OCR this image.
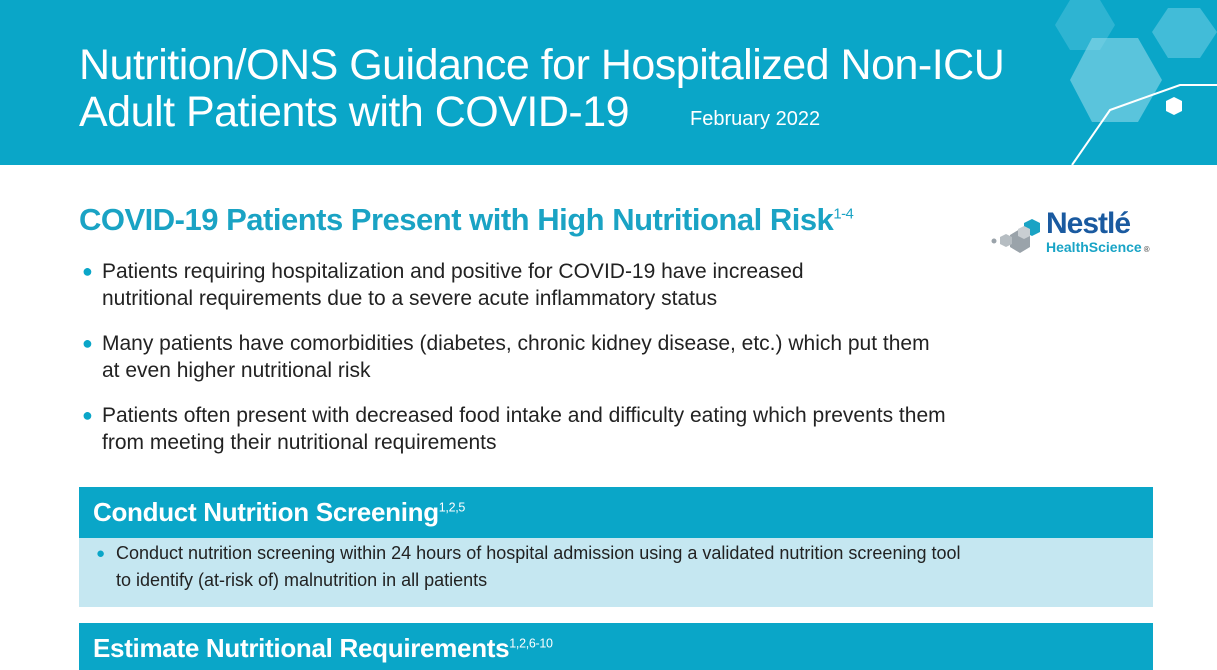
Nutrition/ONS Guidance for Hospitalized Non-ICU
Adult Patients with COVID-19	February 2022
Nestlé
HealthScience ®
COVID-19 Patients Present with High Nutritional Risk$^{1-4}$
● Patients requiring hospitalization and positive for COVID-19 have increased
nutritional requirements due to a severe acute inflammatory status
● Many patients have comorbidities (diabetes, chronic kidney disease, etc.) which put them
at even higher nutritional risk
● Patients often present with decreased food intake and difficulty eating which prevents them
from meeting their nutritional requirements
Conduct Nutrition Screening$^{1,2,5}$
● Conduct nutrition screening within 24 hours of hospital admission using a validated nutrition screening tool
to identify (at-risk of) malnutrition in all patients
Estimate Nutritional Requirements$^{1,2,6-10}$
